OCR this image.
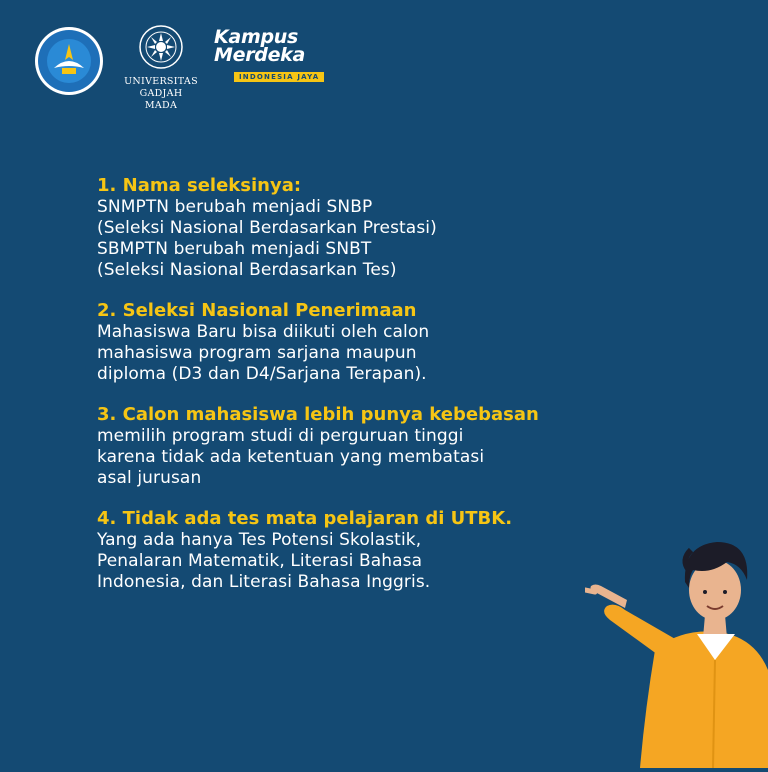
UNIVERSITAS
GADJAH MADA
Kampus
Merdeka
INDONESIA JAYA
1. Nama seleksinya:
SNMPTN berubah menjadi SNBP
(Seleksi Nasional Berdasarkan Prestasi)
SBMPTN berubah menjadi SNBT
(Seleksi Nasional Berdasarkan Tes)
2. Seleksi Nasional Penerimaan
Mahasiswa Baru bisa diikuti oleh calon
mahasiswa program sarjana maupun
diploma (D3 dan D4/Sarjana Terapan).
3. Calon mahasiswa lebih punya kebebasan
memilih program studi di perguruan tinggi
karena tidak ada ketentuan yang membatasi
asal jurusan
4. Tidak ada tes mata pelajaran di UTBK.
Yang ada hanya Tes Potensi Skolastik,
Penalaran Matematik, Literasi Bahasa
Indonesia, dan Literasi Bahasa Inggris.
